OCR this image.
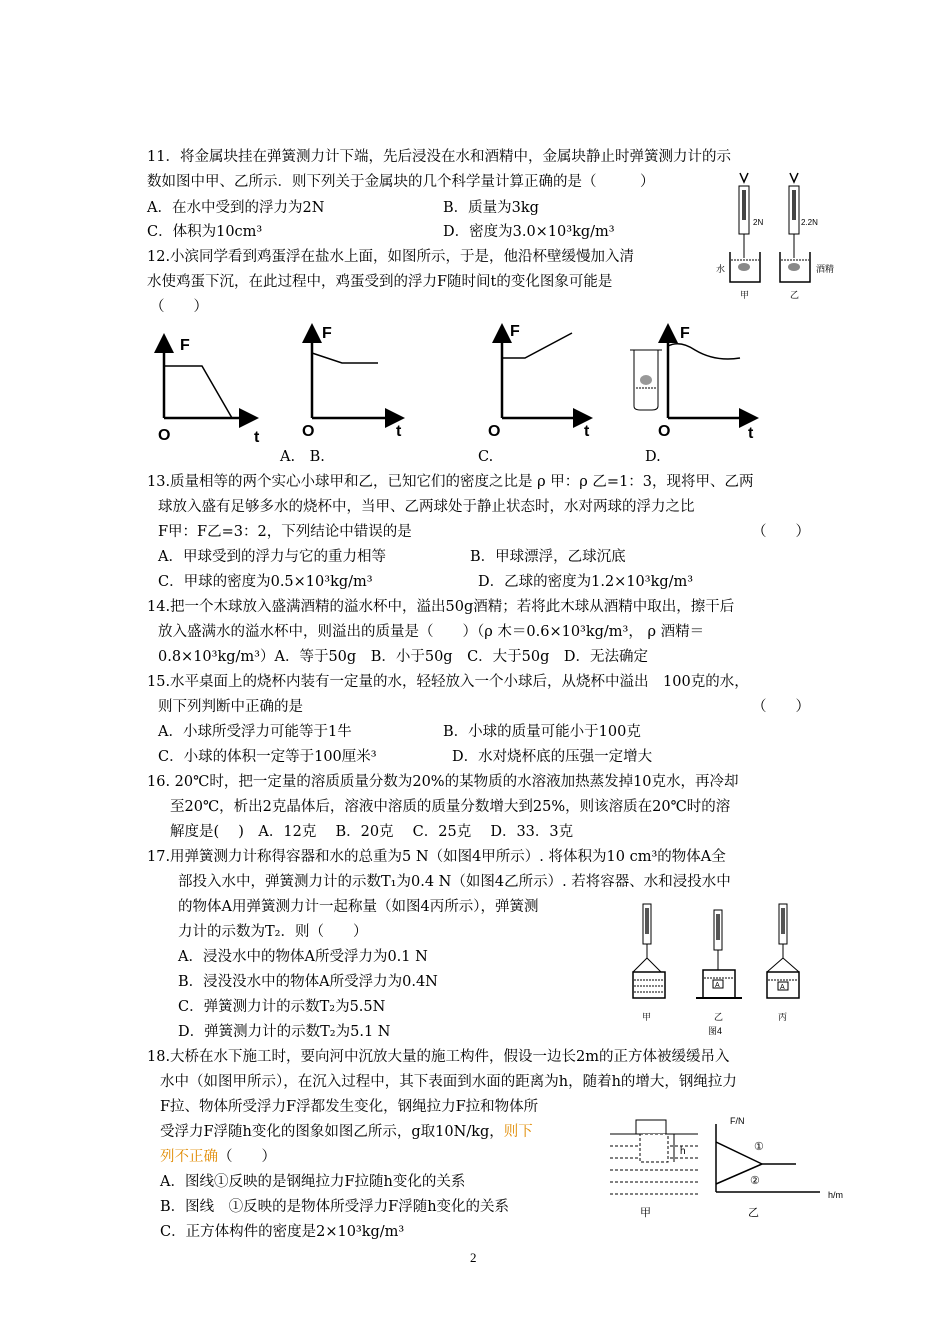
11．将金属块挂在弹簧测力计下端，先后浸没在水和酒精中，金属块静止时弹簧测力计的示
数如图中甲、乙所示．则下列关于金属块的几个科学量计算正确的是（　　　）
A．在水中受到的浮力为2N	B．质量为3kg
C．体积为10cm³	D．密度为3.0×10³kg/m³
2N	2.2N
水	酒精
甲	乙
12.小滨同学看到鸡蛋浮在盐水上面，如图所示，于是，他沿杯壁缓慢加入清
水使鸡蛋下沉，在此过程中，鸡蛋受到的浮力F随时间t的变化图象可能是
（　　）
F
O	t
F
O	t
F
O	t
F
O	t
A.　B.	C.	D.
13.质量相等的两个实心小球甲和乙，已知它们的密度之比是 ρ 甲：ρ 乙=1：3，现将甲、乙两
球放入盛有足够多水的烧杯中，当甲、乙两球处于静止状态时，水对两球的浮力之比
F甲：F乙=3：2，下列结论中错误的是	（　　）
A．甲球受到的浮力与它的重力相等	B．甲球漂浮，乙球沉底
C．甲球的密度为0.5×10³kg/m³	D．乙球的密度为1.2×10³kg/m³
14.把一个木球放入盛满酒精的溢水杯中，溢出50g酒精；若将此木球从酒精中取出，擦干后
放入盛满水的溢水杯中，则溢出的质量是（　　）（ρ 木＝0.6×10³kg/m³， ρ 酒精＝
0.8×10³kg/m³）A．等于50g　B．小于50g　C．大于50g　D．无法确定
15.水平桌面上的烧杯内装有一定量的水，轻轻放入一个小球后，从烧杯中溢出　100克的水，
则下列判断中正确的是	（　　）
A．小球所受浮力可能等于1牛	B．小球的质量可能小于100克
C．小球的体积一定等于100厘米³	D．水对烧杯底的压强一定增大
16. 20℃时，把一定量的溶质质量分数为20%的某物质的水溶液加热蒸发掉10克水，再冷却
至20℃，析出2克晶体后，溶液中溶质的质量分数增大到25%，则该溶质在20℃时的溶
解度是(　 )　A．12克　 B．20克　 C．25克　 D．33．3克
17.用弹簧测力计称得容器和水的总重为5 N（如图4甲所示）. 将体积为10 cm³的物体A全
部投入水中，弹簧测力计的示数T₁为0.4 N（如图4乙所示）. 若将容器、水和浸投水中
的物体A用弹簧测力计一起称量（如图4丙所示），弹簧测
力计的示数为T₂．则（　　）
A．浸没水中的物体A所受浮力为0.1 N
B．浸没没水中的物体A所受浮力为0.4N
C．弹簧测力计的示数T₂为5.5N
D．弹簧测力计的示数T₂为5.1 N
A	A
甲	乙	丙
图4
18.大桥在水下施工时，要向河中沉放大量的施工构件，假设一边长2m的正方体被缓缓吊入
水中（如图甲所示），在沉入过程中，其下表面到水面的距离为h，随着h的增大，钢绳拉力
F拉、物体所受浮力F浮都发生变化，钢绳拉力F拉和物体所
受浮力F浮随h变化的图象如图乙所示，g取10N/kg，则下
列不正确（　　）
A．图线①反映的是钢绳拉力F拉随h变化的关系
B．图线　①反映的是物体所受浮力F浮随h变化的关系
C．正方体构件的密度是2×10³kg/m³
h
甲
F/N
h/m
①
②
乙
2
